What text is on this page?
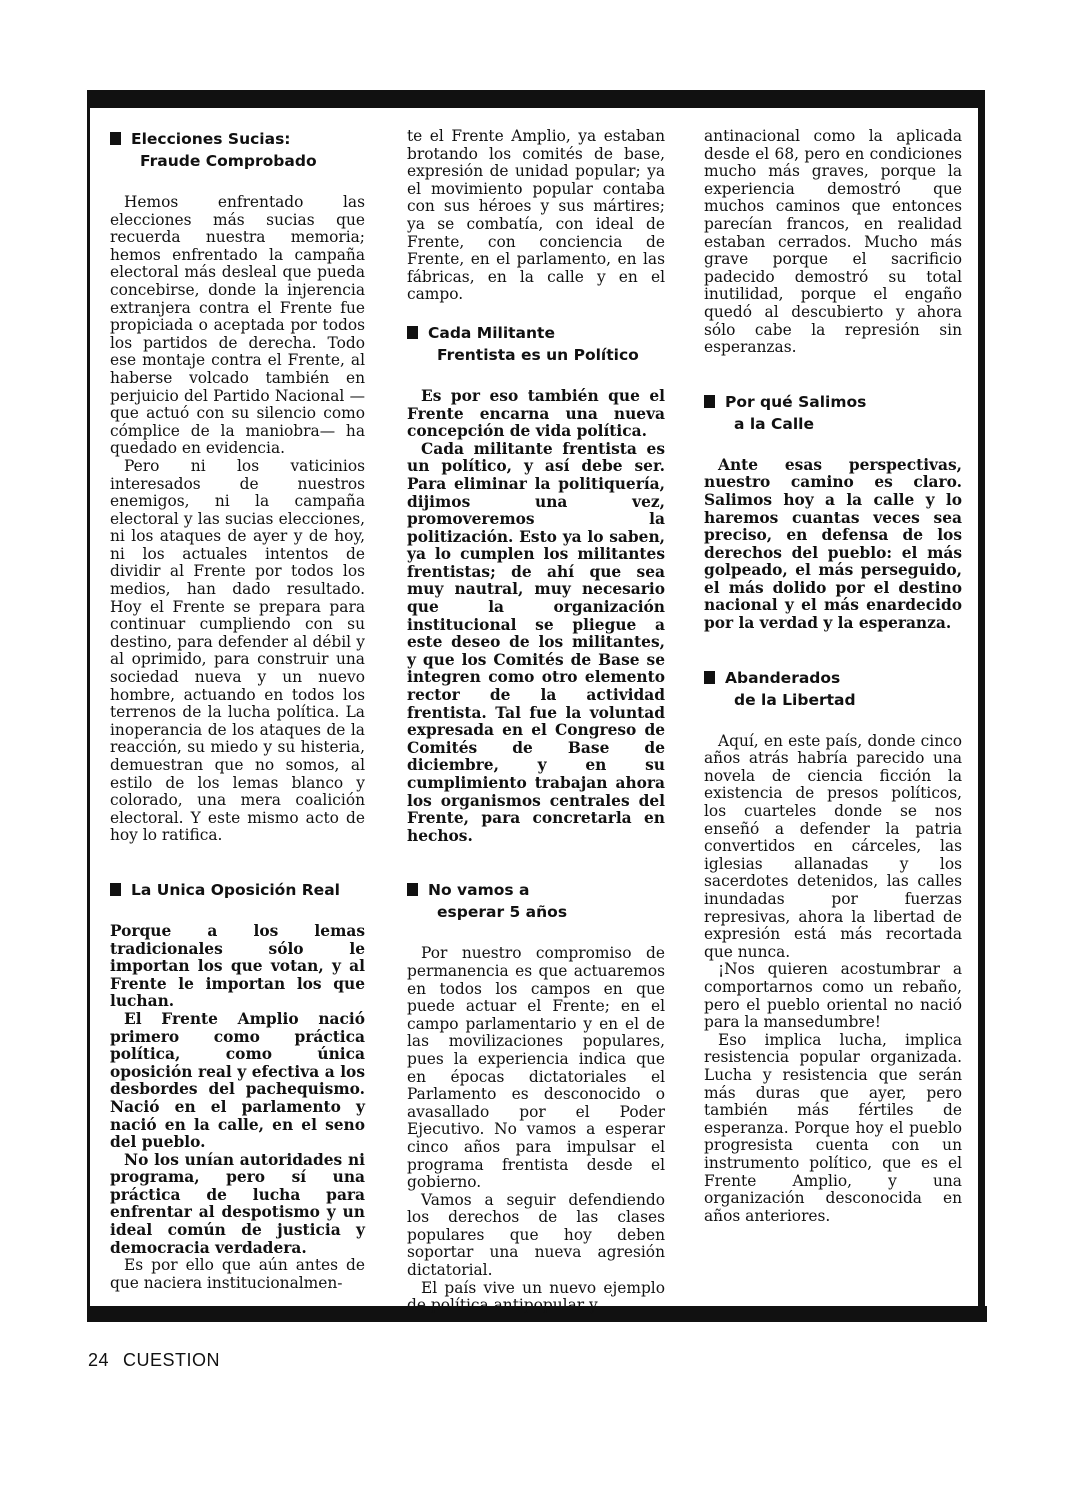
Elecciones Sucias:
Fraude Comprobado

Hemos enfrentado las elecciones más sucias que recuerda nuestra memoria; hemos enfrentado la campaña electoral más desleal que pueda concebirse, donde la injerencia extranjera contra el Frente fue propiciada o aceptada por todos los partidos de derecha. Todo ese montaje contra el Frente, al haberse volcado también en perjuicio del Partido Nacional —que actuó con su silencio como cómplice de la maniobra— ha quedado en evidencia.

Pero ni los vaticinios interesados de nuestros enemigos, ni la campaña electoral y las sucias elecciones, ni los ataques de ayer y de hoy, ni los actuales intentos de dividir al Frente por todos los medios, han dado resultado. Hoy el Frente se prepara para continuar cumpliendo con su destino, para defender al débil y al oprimido, para construir una sociedad nueva y un nuevo hombre, actuando en todos los terrenos de la lucha política. La inoperancia de los ataques de la reacción, su miedo y su histeria, demuestran que no somos, al estilo de los lemas blanco y colorado, una mera coalición electoral. Y este mismo acto de hoy lo ratifica.

La Unica Oposición Real

Porque a los lemas tradicionales sólo le importan los que votan, y al Frente le importan los que luchan.

El Frente Amplio nació primero como práctica política, como única oposición real y efectiva a los desbordes del pachequismo. Nació en el parlamento y nació en la calle, en el seno del pueblo.

No los unían autoridades ni programa, pero sí una práctica de lucha para enfrentar al despotismo y un ideal común de justicia y democracia verdadera.

Es por ello que aún antes de que naciera institucionalmen-

te el Frente Amplio, ya estaban brotando los comités de base, expresión de unidad popular; ya el movimiento popular contaba con sus héroes y sus mártires; ya se combatía, con ideal de Frente, con conciencia de Frente, en el parlamento, en las fábricas, en la calle y en el campo.

Cada Militante
Frentista es un Político

Es por eso también que el Frente encarna una nueva concepción de vida política.

Cada militante frentista es un político, y así debe ser. Para eliminar la politiquería, dijimos una vez, promoveremos la politización. Esto ya lo saben, ya lo cumplen los militantes frentistas; de ahí que sea muy nautral, muy necesario que la organización institucional se pliegue a este deseo de los militantes, y que los Comités de Base se integren como otro elemento rector de la actividad frentista. Tal fue la voluntad expresada en el Congreso de Comités de Base de diciembre, y en su cumplimiento trabajan ahora los organismos centrales del Frente, para concretarla en hechos.

No vamos a
esperar 5 años

Por nuestro compromiso de permanencia es que actuaremos en todos los campos en que puede actuar el Frente; en el campo parlamentario y en el de las movilizaciones populares, pues la experiencia indica que en épocas dictatoriales el Parlamento es desconocido o avasallado por el Poder Ejecutivo. No vamos a esperar cinco años para impulsar el programa frentista desde el gobierno.

Vamos a seguir defendiendo los derechos de las clases populares que hoy deben soportar una nueva agresión dictatorial.

El país vive un nuevo ejemplo de política antipopular y

antinacional como la aplicada desde el 68, pero en condiciones mucho más graves, porque la experiencia demostró que muchos caminos que entonces parecían francos, en realidad estaban cerrados. Mucho más grave porque el sacrificio padecido demostró su total inutilidad, porque el engaño quedó al descubierto y ahora sólo cabe la represión sin esperanzas.

Por qué Salimos
a la Calle

Ante esas perspectivas, nuestro camino es claro. Salimos hoy a la calle y lo haremos cuantas veces sea preciso, en defensa de los derechos del pueblo: el más golpeado, el más perseguido, el más dolido por el destino nacional y el más enardecido por la verdad y la esperanza.

Abanderados
de la Libertad

Aquí, en este país, donde cinco años atrás habría parecido una novela de ciencia ficción la existencia de presos políticos, los cuarteles donde se nos enseñó a defender la patria convertidos en cárceles, las iglesias allanadas y los sacerdotes detenidos, las calles inundadas por fuerzas represivas, ahora la libertad de expresión está más recortada que nunca.

¡Nos quieren acostumbrar a comportarnos como un rebaño, pero el pueblo oriental no nació para la mansedumbre!

Eso implica lucha, implica resistencia popular organizada. Lucha y resistencia que serán más duras que ayer, pero también más fértiles de esperanza. Porque hoy el pueblo progresista cuenta con un instrumento político, que es el Frente Amplio, y una organización desconocida en años anteriores.

24 CUESTION
